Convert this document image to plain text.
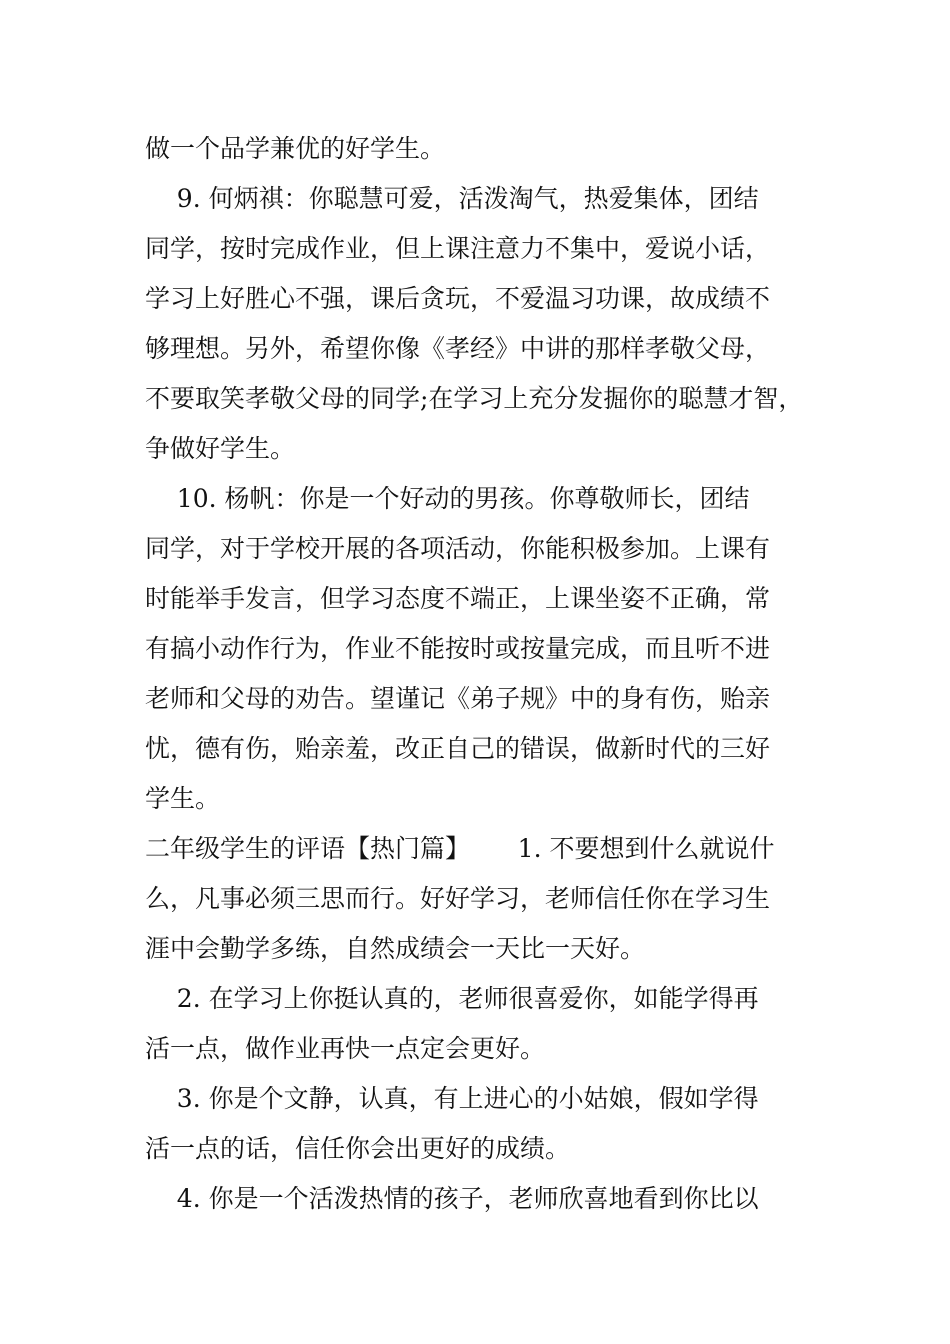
做一个品学兼优的好学生。

9. 何炳祺：你聪慧可爱，活泼淘气，热爱集体，团结

同学，按时完成作业，但上课注意力不集中，爱说小话，

学习上好胜心不强，课后贪玩，不爱温习功课，故成绩不

够理想。另外，希望你像《孝经》中讲的那样孝敬父母，

不要取笑孝敬父母的同学;在学习上充分发掘你的聪慧才智，

争做好学生。

10. 杨帆：你是一个好动的男孩。你尊敬师长，团结

同学，对于学校开展的各项活动，你能积极参加。上课有

时能举手发言，但学习态度不端正，上课坐姿不正确，常

有搞小动作行为，作业不能按时或按量完成，而且听不进

老师和父母的劝告。望谨记《弟子规》中的身有伤，贻亲

忧，德有伤，贻亲羞，改正自己的错误，做新时代的三好

学生。

二年级学生的评语【热门篇】      1. 不要想到什么就说什

么，凡事必须三思而行。好好学习，老师信任你在学习生

涯中会勤学多练，自然成绩会一天比一天好。

2. 在学习上你挺认真的，老师很喜爱你，如能学得再

活一点，做作业再快一点定会更好。

3. 你是个文静，认真，有上进心的小姑娘，假如学得

活一点的话，信任你会出更好的成绩。

4. 你是一个活泼热情的孩子，老师欣喜地看到你比以
